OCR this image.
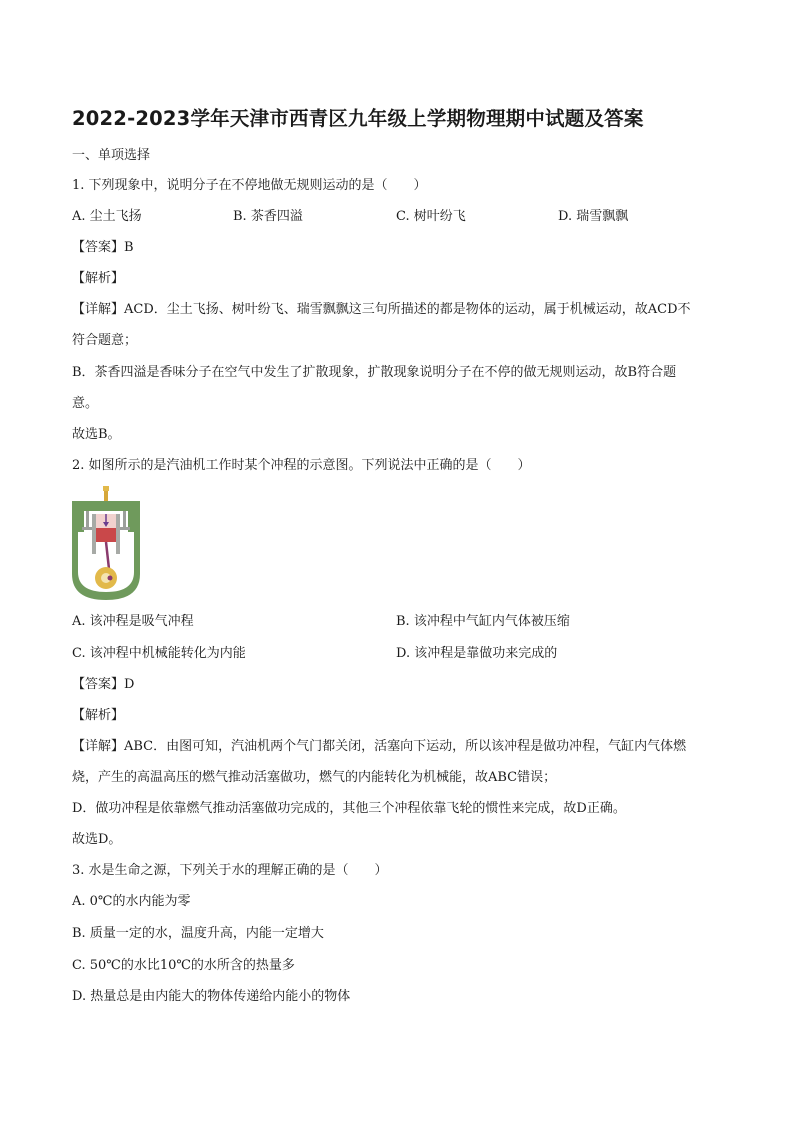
2022-2023学年天津市西青区九年级上学期物理期中试题及答案
一、单项选择
1. 下列现象中，说明分子在不停地做无规则运动的是（　　）
A. 尘土飞扬	B. 茶香四溢	C. 树叶纷飞	D. 瑞雪飘飘
【答案】B
【解析】
【详解】ACD．尘土飞扬、树叶纷飞、瑞雪飘飘这三句所描述的都是物体的运动，属于机械运动，故ACD不
符合题意；
B．茶香四溢是香味分子在空气中发生了扩散现象，扩散现象说明分子在不停的做无规则运动，故B符合题
意。
故选B。
2. 如图所示的是汽油机工作时某个冲程的示意图。下列说法中正确的是（　　）
A. 该冲程是吸气冲程	B. 该冲程中气缸内气体被压缩
C. 该冲程中机械能转化为内能	D. 该冲程是靠做功来完成的
【答案】D
【解析】
【详解】ABC．由图可知，汽油机两个气门都关闭，活塞向下运动，所以该冲程是做功冲程，气缸内气体燃
烧，产生的高温高压的燃气推动活塞做功，燃气的内能转化为机械能，故ABC错误；
D．做功冲程是依靠燃气推动活塞做功完成的，其他三个冲程依靠飞轮的惯性来完成，故D正确。
故选D。
3. 水是生命之源，下列关于水的理解正确的是（　　）
A. 0℃的水内能为零
B. 质量一定的水，温度升高，内能一定增大
C. 50℃的水比10℃的水所含的热量多
D. 热量总是由内能大的物体传递给内能小的物体
